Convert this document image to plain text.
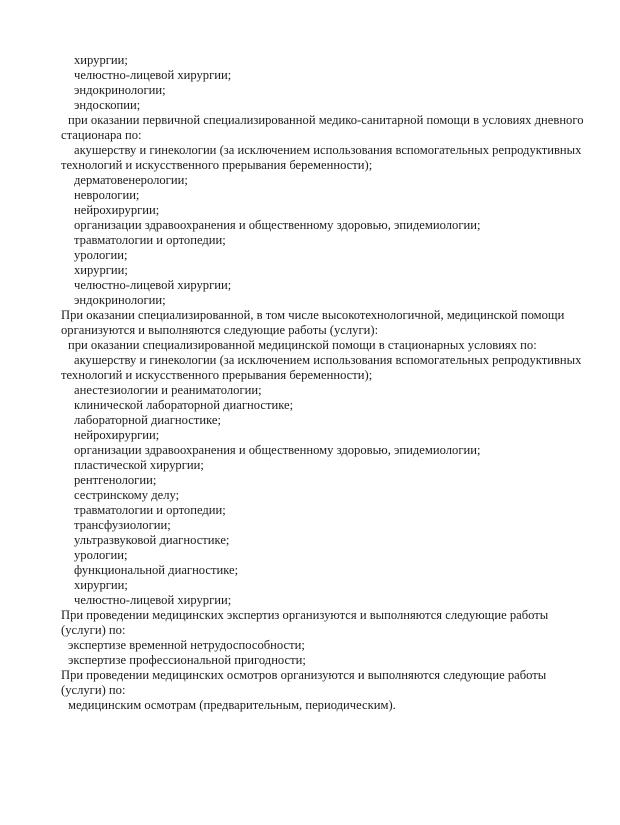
хирургии;
челюстно-лицевой хирургии;
эндокринологии;
эндоскопии;
при оказании первичной специализированной медико-санитарной помощи в условиях дневного
стационара по:
акушерству и гинекологии (за исключением использования вспомогательных репродуктивных
технологий и искусственного прерывания беременности);
дерматовенерологии;
неврологии;
нейрохирургии;
организации здравоохранения и общественному здоровью, эпидемиологии;
травматологии и ортопедии;
урологии;
хирургии;
челюстно-лицевой хирургии;
эндокринологии;
При оказании специализированной, в том числе высокотехнологичной, медицинской помощи
организуются и выполняются следующие работы (услуги):
при оказании специализированной медицинской помощи в стационарных условиях по:
акушерству и гинекологии (за исключением использования вспомогательных репродуктивных
технологий и искусственного прерывания беременности);
анестезиологии и реаниматологии;
клинической лабораторной диагностике;
лабораторной диагностике;
нейрохирургии;
организации здравоохранения и общественному здоровью, эпидемиологии;
пластической хирургии;
рентгенологии;
сестринскому делу;
травматологии и ортопедии;
трансфузиологии;
ультразвуковой диагностике;
урологии;
функциональной диагностике;
хирургии;
челюстно-лицевой хирургии;
При проведении медицинских экспертиз организуются и выполняются следующие работы
(услуги) по:
экспертизе временной нетрудоспособности;
экспертизе профессиональной пригодности;
При проведении медицинских осмотров организуются и выполняются следующие работы
(услуги) по:
медицинским осмотрам (предварительным, периодическим).
